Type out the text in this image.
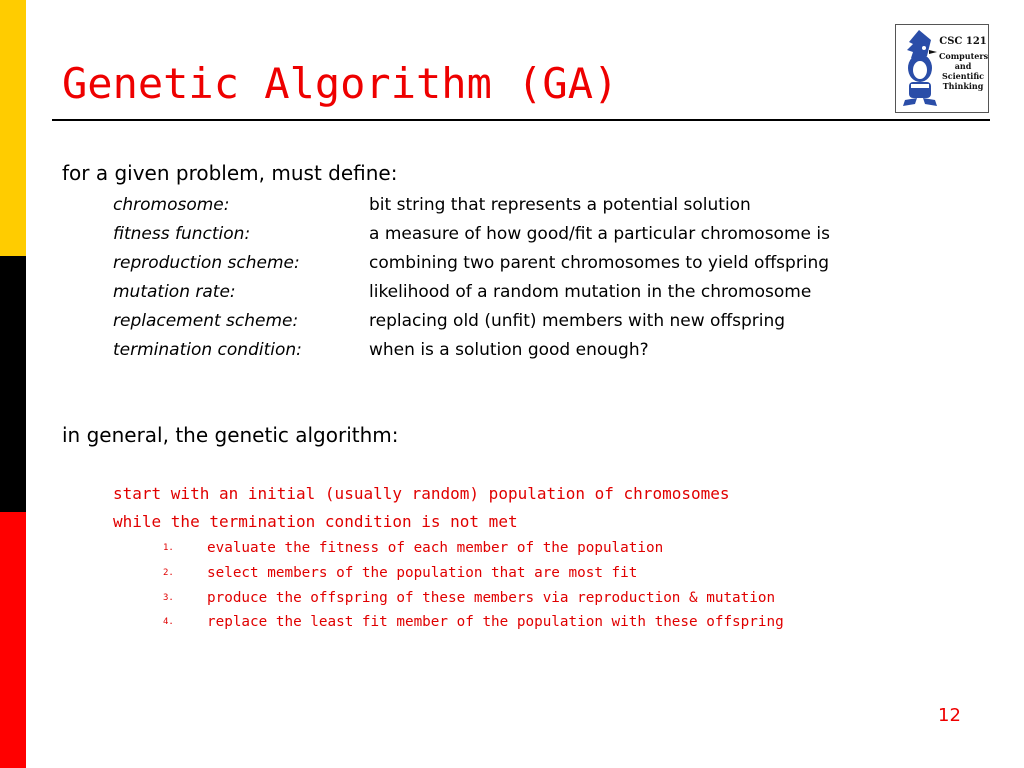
Genetic Algorithm (GA)
CSC 121
Computers
and
Scientific
Thinking
for a given problem, must define:
chromosome:	bit string that represents a potential solution
fitness function:	a measure of how good/fit a particular chromosome is
reproduction scheme:	combining two parent chromosomes to yield offspring
mutation rate:	likelihood of a random mutation in the chromosome
replacement scheme:	replacing old (unfit) members with new offspring
termination condition:	when is a solution good enough?
in general, the genetic algorithm:
start with an initial (usually random) population of chromosomes
while the termination condition is not met
1.	evaluate the fitness of each member of the population
2.	select members of the population that are most fit
3.	produce the offspring of these members via reproduction & mutation
4.	replace the least fit member of the population with these offspring
12
